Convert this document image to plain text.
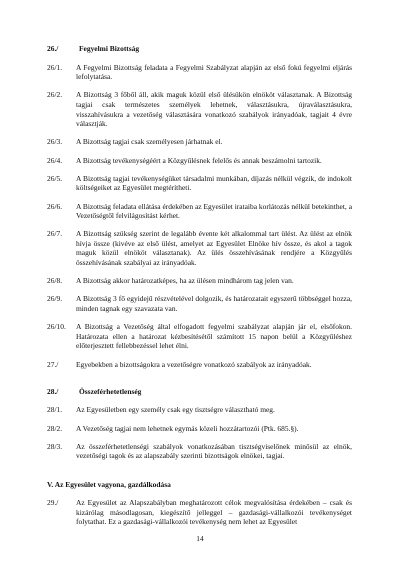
26./	Fegyelmi Bizottság
26/1.	A Fegyelmi Bizottság feladata a Fegyelmi Szabályzat alapján az első fokú fegyelmi eljárás lefolytatása.
26/2.	A Bizottság 3 főből áll, akik maguk közül első ülésükön elnököt választanak. A Bizottság tagjai csak természetes személyek lehetnek, választásukra, újraválasztásukra, visszahívásukra a vezetőség választására vonatkozó szabályok irányadóak, tagjait 4 évre választják.
26/3.	A Bizottság tagjai csak személyesen járhatnak el.
26/4.	A Bizottság tevékenységéért a Közgyűlésnek felelős és annak beszámolni tartozik.
26/5.	A Bizottság tagjai tevékenységüket társadalmi munkában, díjazás nélkül végzik, de indokolt költségeiket az Egyesület megtérítheti.
26/6.	A Bizottság feladata ellátása érdekében az Egyesület irataiba korlátozás nélkül betekinthet, a Vezetőségtől felvilágosítást kérhet.
26/7.	A Bizottság szükség szerint de legalább évente két alkalommal tart ülést. Az ülést az elnök hívja össze (kivéve az első ülést, amelyet az Egyesület Elnöke hív össze, és akol a tagok maguk közül elnököt választanak). Az ülés összehívásának rendjére a Közgyűlés összehívásának szabályai az irányadóak.
26/8.	A Bizottság akkor határozatképes, ha az ülésen mindhárom tag jelen van.
26/9.	A Bizottság 3 fő egyidejű részvételével dolgozik, és határozatait egyszerű többséggel hozza, minden tagnak egy szavazata van.
26/10.	A Bizottság a Vezetőség által elfogadott fegyelmi szabályzat alapján jár el, elsőfokon. Határozata ellen a határozat kézbesítésétől számított 15 napon belül a Közgyűléshez előterjesztett fellebbezéssel lehet élni.
27./	Egyebekben a bizottságokra a vezetőségre vonatkozó szabályok az irányadóak.
28./	Összeférhetetlenség
28/1.	Az Egyesületben egy személy csak egy tisztségre választható meg.
28/2.	A Vezetőség tagjai nem lehetnek egymás közeli hozzátartozói (Ptk. 685.§).
28/3.	Az összeférhetetlenségi szabályok vonatkozásában tisztségviselőnek minősül az elnök, vezetőségi tagok és az alapszabály szerinti bizottságok elnökei, tagjai.
V. Az Egyesület vagyona, gazdálkodása
29./	Az Egyesület az Alapszabályban meghatározott célok megvalósítása érdekében – csak és kizárólag másodlagosan, kiegészítő jelleggel – gazdasági-vállalkozói tevékenységet folytathat. Ez a gazdasági-vállalkozói tevékenység nem lehet az Egyesület
14
